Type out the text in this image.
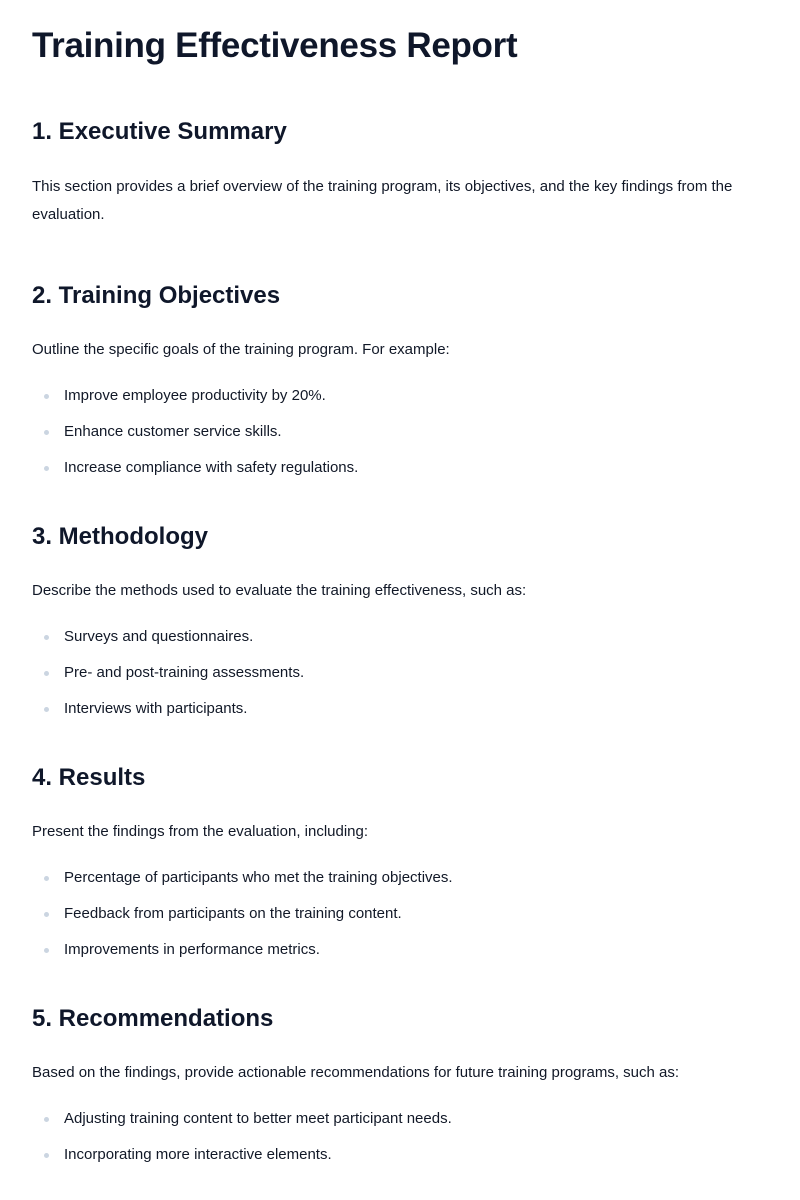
Training Effectiveness Report
1. Executive Summary

This section provides a brief overview of the training program, its objectives, and the key findings from the evaluation.

2. Training Objectives

Outline the specific goals of the training program. For example:

Improve employee productivity by 20%.
Enhance customer service skills.
Increase compliance with safety regulations.
3. Methodology

Describe the methods used to evaluate the training effectiveness, such as:

Surveys and questionnaires.
Pre- and post-training assessments.
Interviews with participants.
4. Results

Present the findings from the evaluation, including:

Percentage of participants who met the training objectives.
Feedback from participants on the training content.
Improvements in performance metrics.
5. Recommendations

Based on the findings, provide actionable recommendations for future training programs, such as:

Adjusting training content to better meet participant needs.
Incorporating more interactive elements.
